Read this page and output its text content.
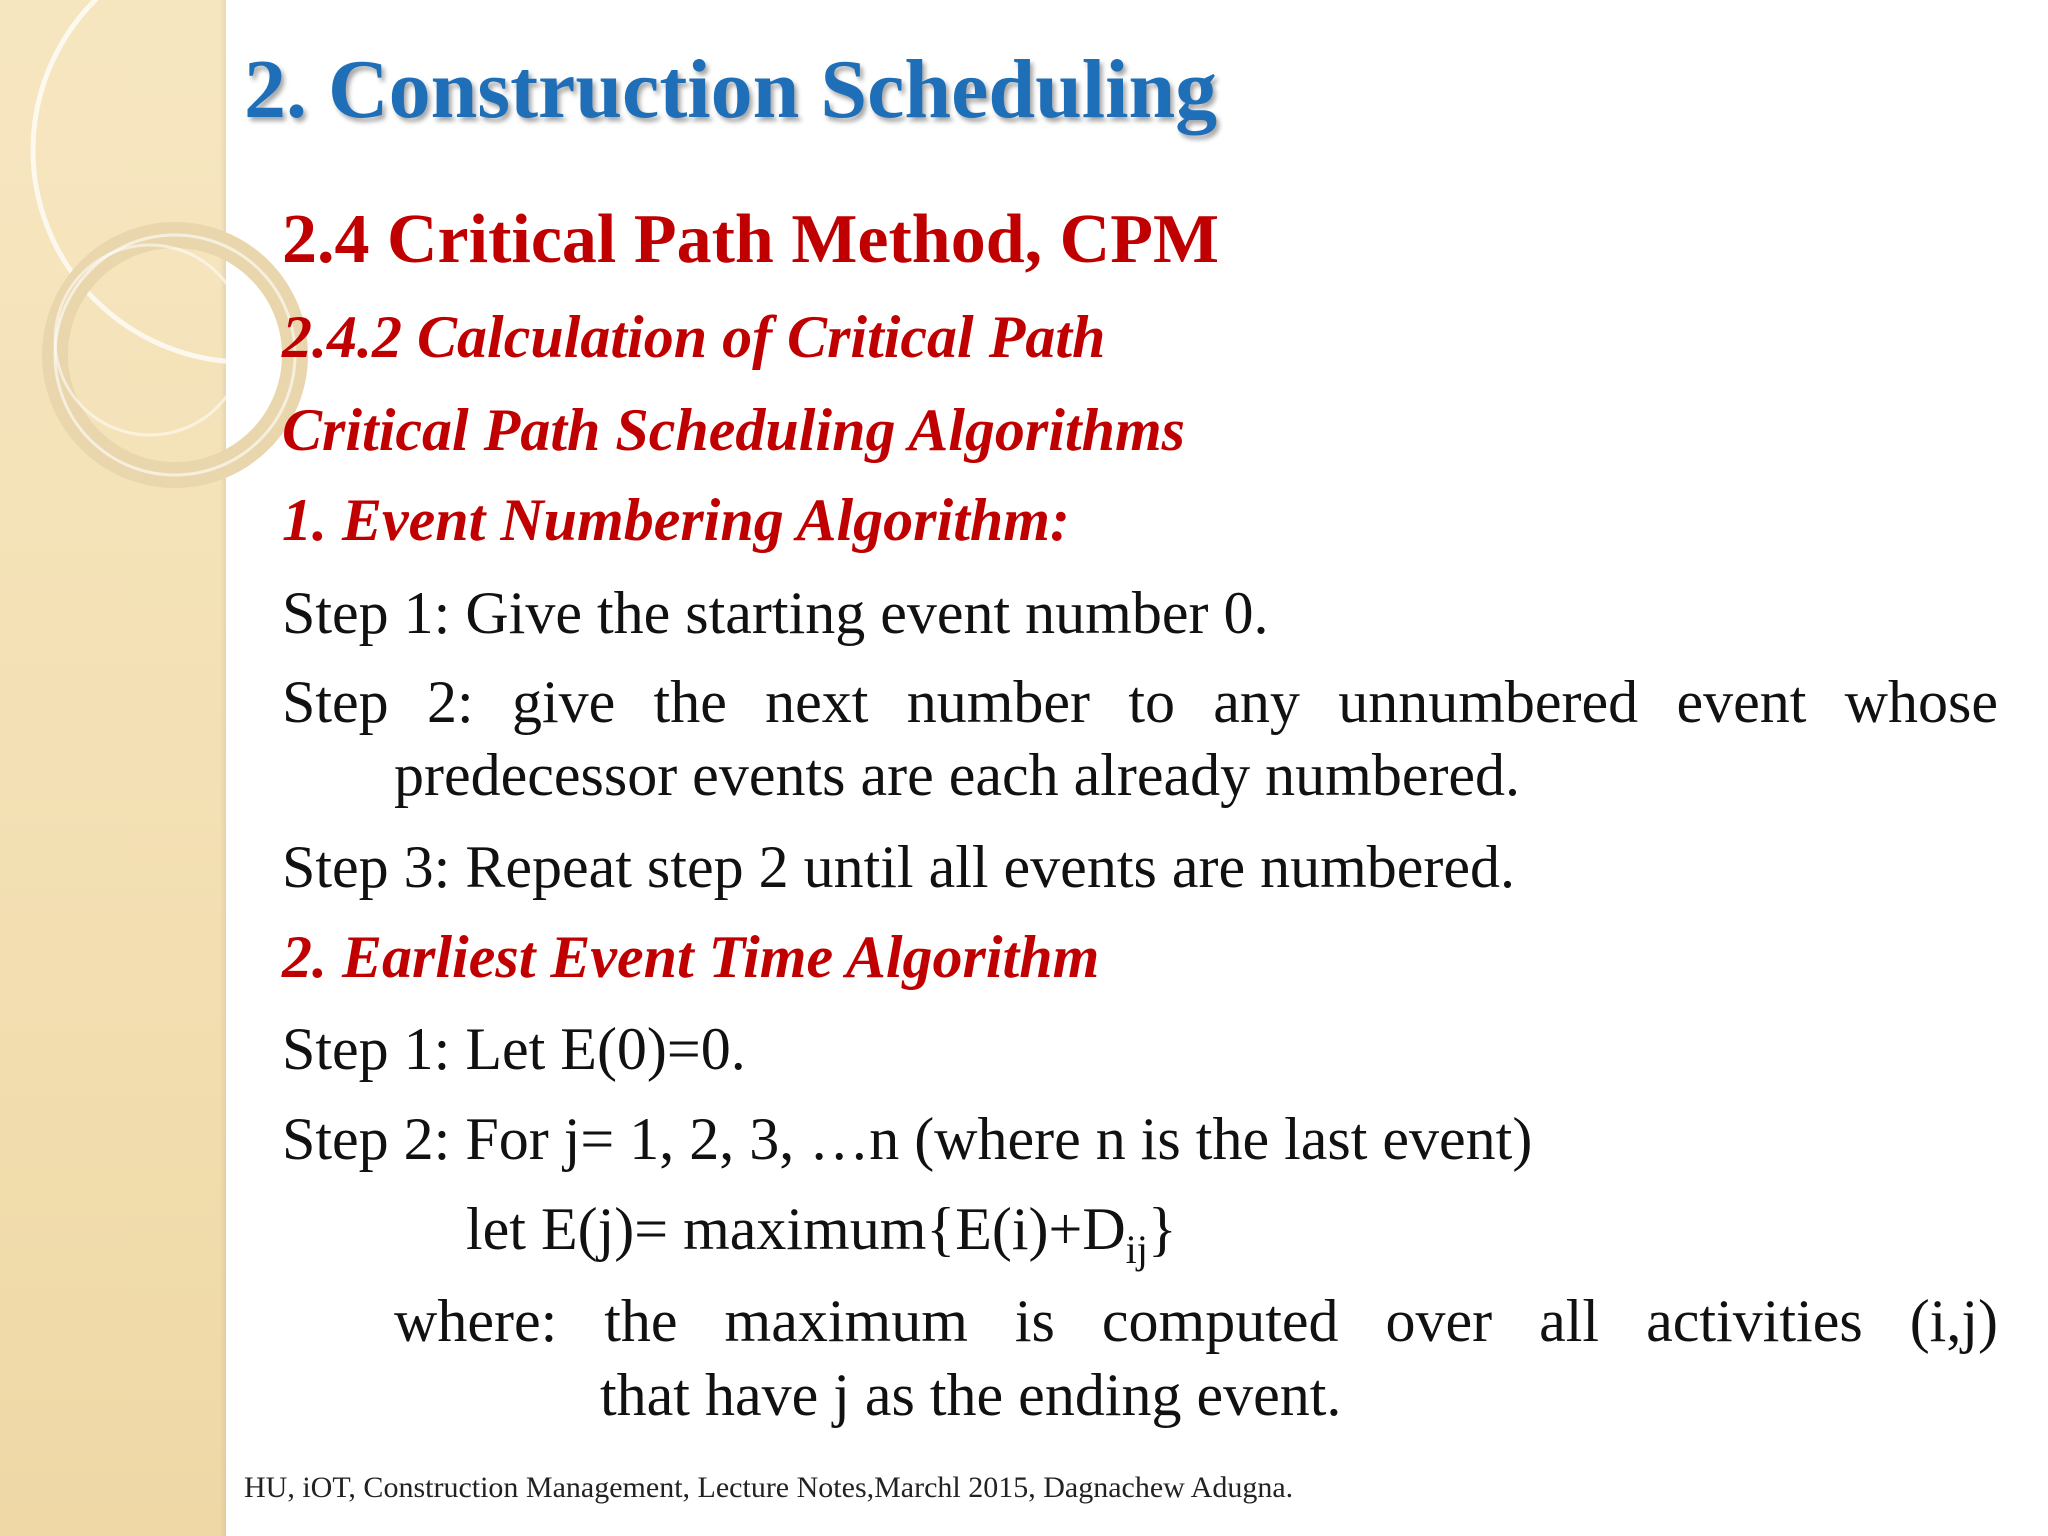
2. Construction Scheduling

2.4 Critical Path Method, CPM

2.4.2 Calculation of Critical Path

Critical Path Scheduling Algorithms

1. Event Numbering Algorithm:

Step 1: Give the starting event number 0.

Step 2: give the next number to any unnumbered event whose

predecessor events are each already numbered.

Step 3: Repeat step 2 until all events are numbered.

2. Earliest Event Time Algorithm

Step 1: Let E(0)=0.

Step 2: For j= 1, 2, 3, …n (where n is the last event)

let $E(j)= maximum\{E(i)+D_{ij}\}$

where: the maximum is computed over all activities (i,j)

that have j as the ending event.

HU, iOT, Construction Management, Lecture Notes,Marchl 2015, Dagnachew Adugna.
